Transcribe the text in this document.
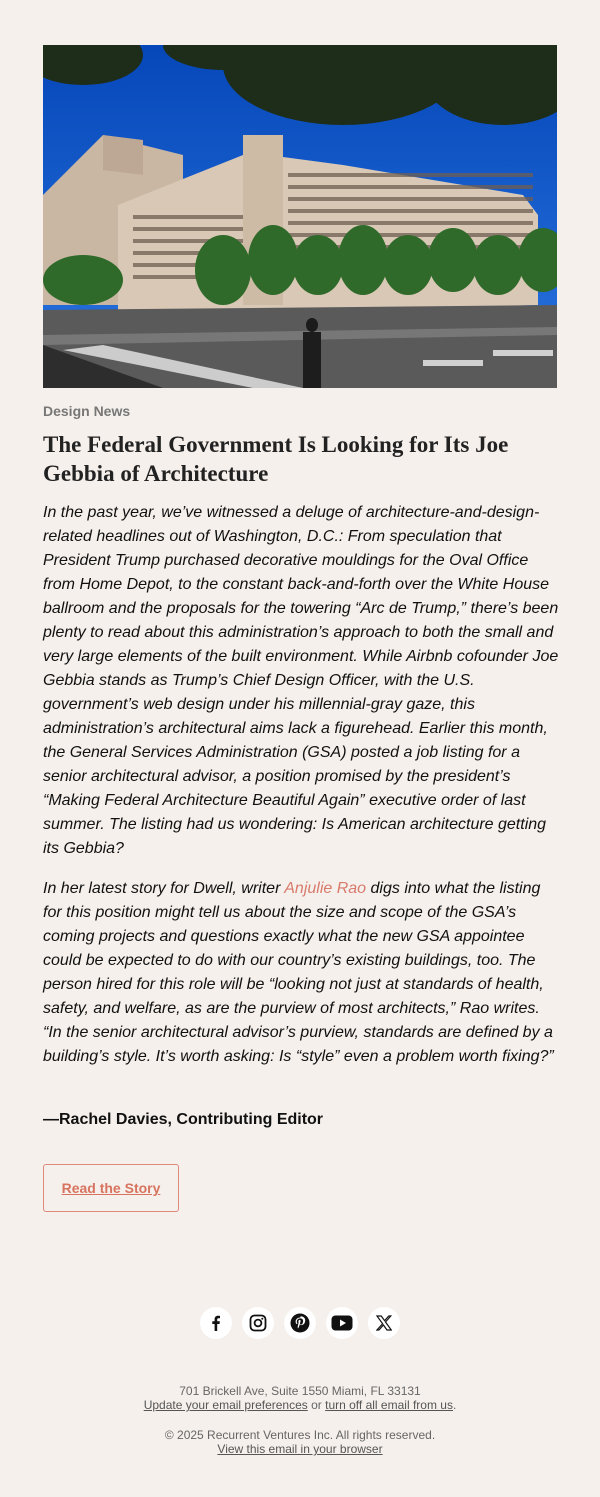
Design News
The Federal Government Is Looking for Its Joe Gebbia of Architecture

In the past year, we’ve witnessed a deluge of architecture-and-design-related headlines out of Washington, D.C.: From speculation that President Trump purchased decorative mouldings for the Oval Office from Home Depot, to the constant back-and-forth over the White House ballroom and the proposals for the towering “Arc de Trump,” there’s been plenty to read about this administration’s approach to both the small and very large elements of the built environment. While Airbnb cofounder Joe Gebbia stands as Trump’s Chief Design Officer, with the U.S. government’s web design under his millennial-gray gaze, this administration’s architectural aims lack a figurehead. Earlier this month, the General Services Administration (GSA) posted a job listing for a senior architectural advisor, a position promised by the president’s “Making Federal Architecture Beautiful Again” executive order of last summer. The listing had us wondering: Is American architecture getting its Gebbia?

In her latest story for Dwell, writer Anjulie Rao digs into what the listing for this position might tell us about the size and scope of the GSA’s coming projects and questions exactly what the new GSA appointee could be expected to do with our country’s existing buildings, too. The person hired for this role will be “looking not just at standards of health, safety, and welfare, as are the purview of most architects,” Rao writes. “In the senior architectural advisor’s purview, standards are defined by a building’s style. It’s worth asking: Is “style” even a problem worth fixing?”

—Rachel Davies, Contributing Editor
Read the Story
701 Brickell Ave, Suite 1550 Miami, FL 33131
Update your email preferences or turn off all email from us.
© 2025 Recurrent Ventures Inc. All rights reserved.
View this email in your browser
